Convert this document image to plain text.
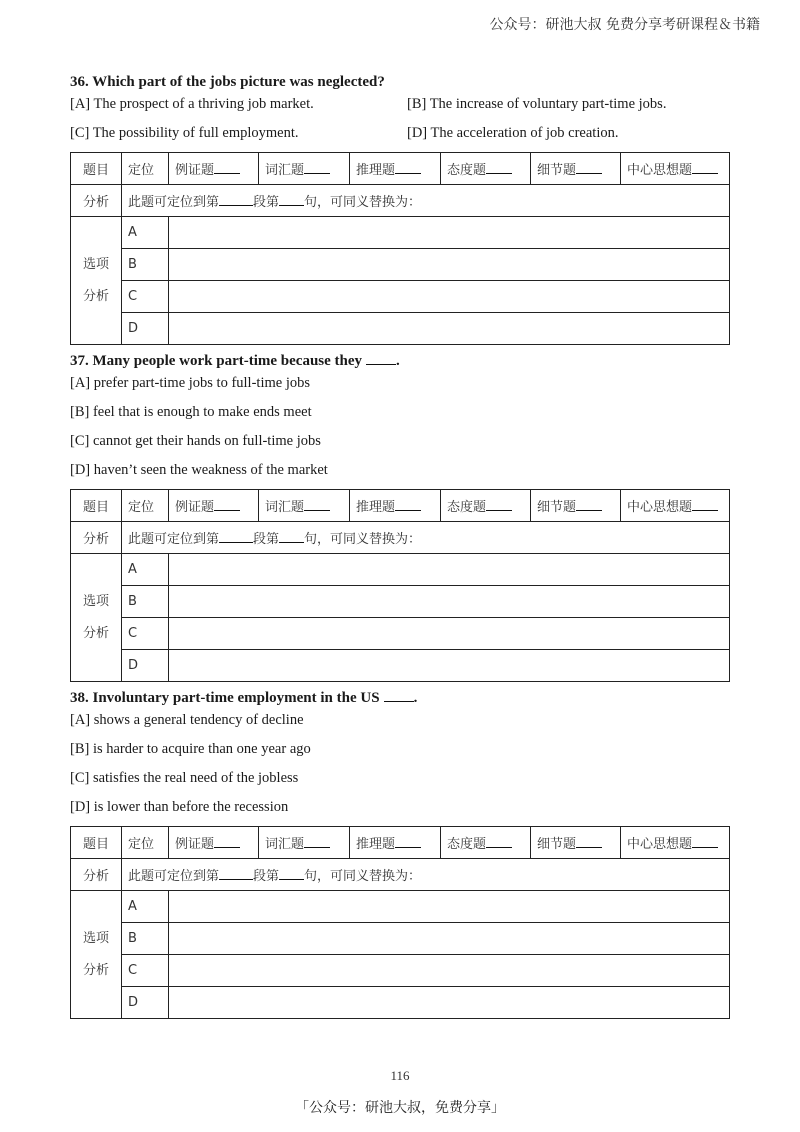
公众号：研池大叔 免费分享考研课程＆书籍
36. Which part of the jobs picture was neglected?
[A] The prospect of a thriving job market.	[B] The increase of voluntary part-time jobs.
[C] The possibility of full employment.	[D] The acceleration of job creation.
题目	定位	例证题	词汇题	推理题	态度题	细节题	中心思想题
分析	此题可定位到第 段第 句，可同义替换为：						
选项
分析	A						
	B						
	C						
	D						
37. Many people work part-time because they .
[A] prefer part-time jobs to full-time jobs
[B] feel that is enough to make ends meet
[C] cannot get their hands on full-time jobs
[D] haven’t seen the weakness of the market
题目	定位	例证题	词汇题	推理题	态度题	细节题	中心思想题
分析	此题可定位到第 段第 句，可同义替换为：						
选项
分析	A						
	B						
	C						
	D						
38. Involuntary part-time employment in the US .
[A] shows a general tendency of decline
[B] is harder to acquire than one year ago
[C] satisfies the real need of the jobless
[D] is lower than before the recession
题目	定位	例证题	词汇题	推理题	态度题	细节题	中心思想题
分析	此题可定位到第 段第 句，可同义替换为：						
选项
分析	A						
	B						
	C						
	D						
116
「公众号：研池大叔，免费分享」
